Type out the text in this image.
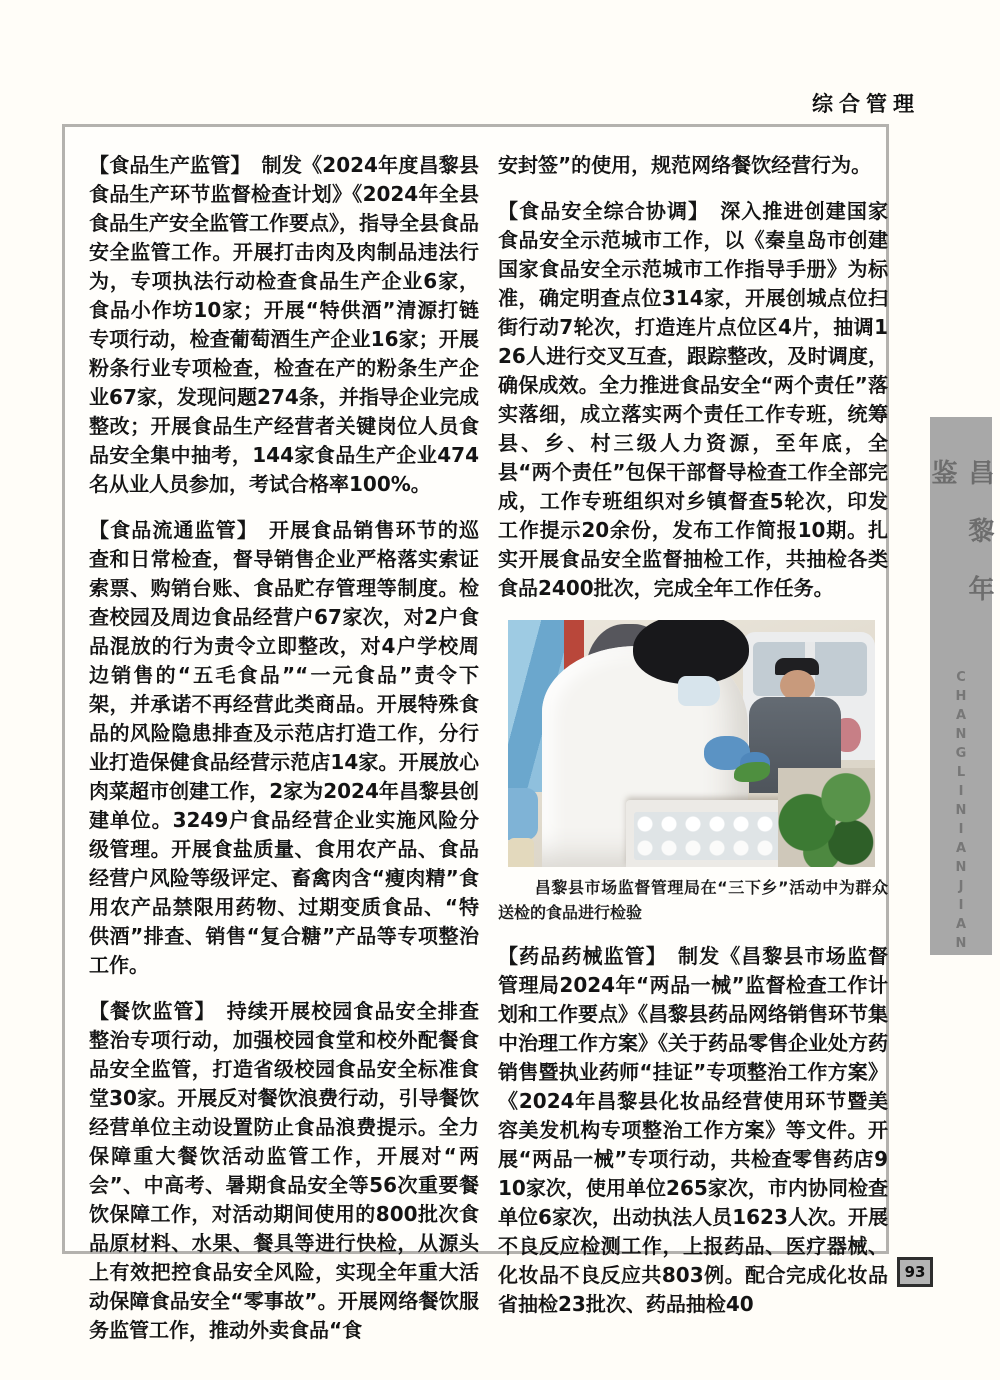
综合管理

【食品生产监管】 制发《2024年度昌黎县食品生产环节监督检查计划》《2024年全县食品生产安全监管工作要点》，指导全县食品安全监管工作。开展打击肉及肉制品违法行为，专项执法行动检查食品生产企业6家，食品小作坊10家；开展“特供酒”清源打链专项行动，检查葡萄酒生产企业16家；开展粉条行业专项检查，检查在产的粉条生产企业67家，发现问题274条，并指导企业完成整改；开展食品生产经营者关键岗位人员食品安全集中抽考，144家食品生产企业474名从业人员参加，考试合格率100%。

【食品流通监管】 开展食品销售环节的巡查和日常检查，督导销售企业严格落实索证索票、购销台账、食品贮存管理等制度。检查校园及周边食品经营户67家次，对2户食品混放的行为责令立即整改，对4户学校周边销售的“五毛食品”“一元食品”责令下架，并承诺不再经营此类商品。开展特殊食品的风险隐患排查及示范店打造工作，分行业打造保健食品经营示范店14家。开展放心肉菜超市创建工作，2家为2024年昌黎县创建单位。3249户食品经营企业实施风险分级管理。开展食盐质量、食用农产品、食品经营户风险等级评定、畜禽肉含“瘦肉精”食用农产品禁限用药物、过期变质食品、“特供酒”排查、销售“复合糖”产品等专项整治工作。

【餐饮监管】 持续开展校园食品安全排查整治专项行动，加强校园食堂和校外配餐食品安全监管，打造省级校园食品安全标准食堂30家。开展反对餐饮浪费行动，引导餐饮经营单位主动设置防止食品浪费提示。全力保障重大餐饮活动监管工作，开展对“两会”、中高考、暑期食品安全等56次重要餐饮保障工作，对活动期间使用的800批次食品原材料、水果、餐具等进行快检，从源头上有效把控食品安全风险，实现全年重大活动保障食品安全“零事故”。开展网络餐饮服务监管工作，推动外卖食品“食

安封签”的使用，规范网络餐饮经营行为。

【食品安全综合协调】 深入推进创建国家食品安全示范城市工作，以《秦皇岛市创建国家食品安全示范城市工作指导手册》为标准，确定明查点位314家，开展创城点位扫街行动7轮次，打造连片点位区4片，抽调126人进行交叉互查，跟踪整改，及时调度，确保成效。全力推进食品安全“两个责任”落实落细，成立落实两个责任工作专班，统筹县、乡、村三级人力资源，至年底，全县“两个责任”包保干部督导检查工作全部完成，工作专班组织对乡镇督查5轮次，印发工作提示20余份，发布工作简报10期。扎实开展食品安全监督抽检工作，共抽检各类食品2400批次，完成全年工作任务。

昌黎县市场监督管理局在“三下乡”活动中为群众送检的食品进行检验

【药品药械监管】 制发《昌黎县市场监督管理局2024年“两品一械”监督检查工作计划和工作要点》《昌黎县药品网络销售环节集中治理工作方案》《关于药品零售企业处方药销售暨执业药师“挂证”专项整治工作方案》《2024年昌黎县化妆品经营使用环节暨美容美发机构专项整治工作方案》等文件。开展“两品一械”专项行动，共检查零售药店910家次，使用单位265家次，市内协同检查单位6家次，出动执法人员1623人次。开展不良反应检测工作，上报药品、医疗器械、化妆品不良反应共803例。配合完成化妆品省抽检23批次、药品抽检40

昌黎年鉴
CHANGLINIANJIAN
93
